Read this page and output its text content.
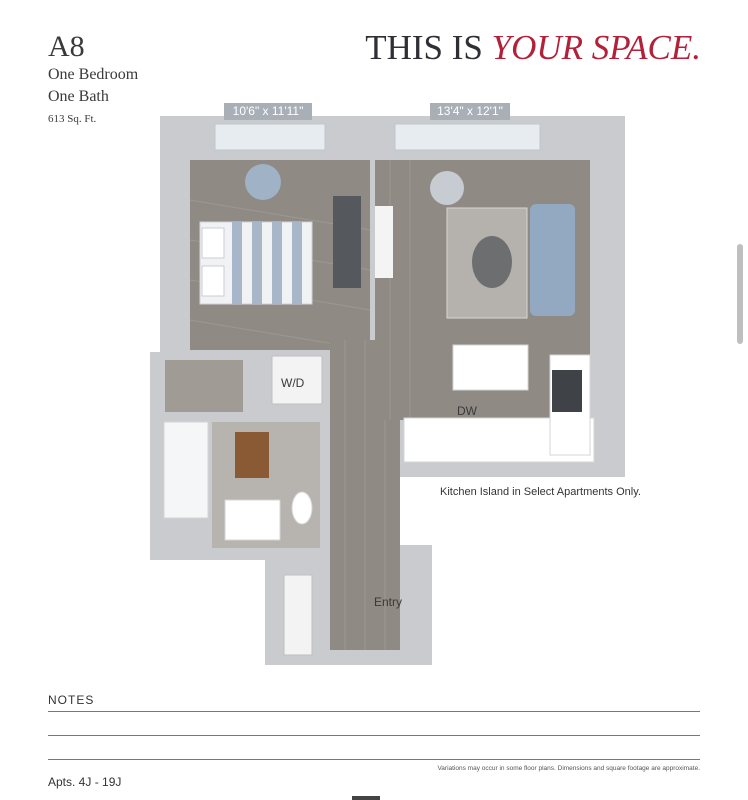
A8
One Bedroom
One Bath
613 Sq. Ft.
THIS IS YOUR SPACE.
10'6" x 11'11"	13'4" x 12'1"
W/D
DW
Entry
Kitchen Island in Select Apartments Only.
NOTES
Variations may occur in some floor plans. Dimensions and square footage are approximate.
Apts. 4J - 19J
